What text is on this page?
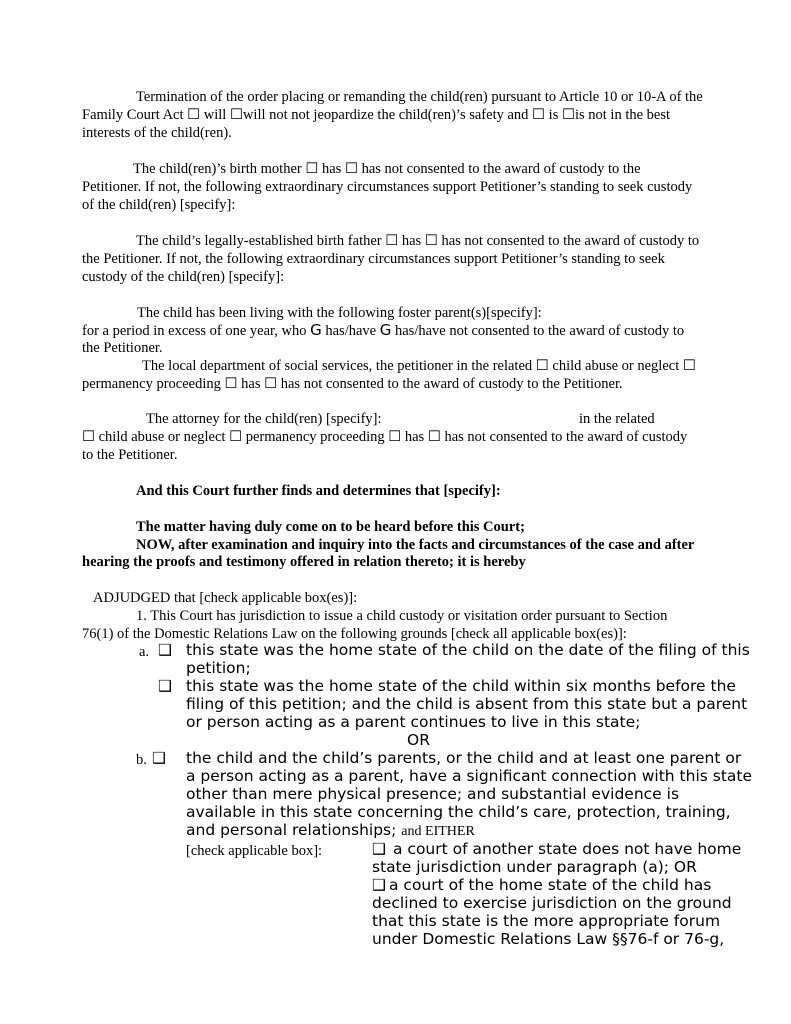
Termination of the order placing or remanding the child(ren) pursuant to Article 10 or 10-A of the
Family Court Act ☐ will ☐will not not jeopardize the child(ren)’s safety and ☐ is ☐is not in the best
interests of the child(ren).
The child(ren)’s birth mother ☐ has ☐ has not consented to the award of custody to the
Petitioner. If not, the following extraordinary circumstances support Petitioner’s standing to seek custody
of the child(ren) [specify]:
The child’s legally-established birth father ☐ has ☐ has not consented to the award of custody to
the Petitioner. If not, the following extraordinary circumstances support Petitioner’s standing to seek
custody of the child(ren) [specify]:
The child has been living with the following foster parent(s)[specify]:
for a period in excess of one year, who G has/have G has/have not consented to the award of custody to
the Petitioner.
The local department of social services, the petitioner in the related ☐ child abuse or neglect ☐
permanency proceeding ☐ has ☐ has not consented to the award of custody to the Petitioner.
The attorney for the child(ren) [specify]:	in the related
☐ child abuse or neglect ☐ permanency proceeding ☐ has ☐ has not consented to the award of custody
to the Petitioner.
And this Court further finds and determines that [specify]:
The matter having duly come on to be heard before this Court;
NOW, after examination and inquiry into the facts and circumstances of the case and after
hearing the proofs and testimony offered in relation thereto; it is hereby
ADJUDGED that [check applicable box(es)]:
1. This Court has jurisdiction to issue a child custody or visitation order pursuant to Section
76(1) of the Domestic Relations Law on the following grounds [check all applicable box(es)]:
a. ❑ this state was the home state of the child on the date of the filing of this
petition;
❑ this state was the home state of the child within six months before the
filing of this petition; and the child is absent from this state but a parent
or person acting as a parent continues to live in this state;
OR
b. ❑ the child and the child’s parents, or the child and at least one parent or
a person acting as a parent, have a significant connection with this state
other than mere physical presence; and substantial evidence is
available in this state concerning the child’s care, protection, training,
and personal relationships; and EITHER
[check applicable box]:	❑ a court of another state does not have home
state jurisdiction under paragraph (a); OR
❑ a court of the home state of the child has
declined to exercise jurisdiction on the ground
that this state is the more appropriate forum
under Domestic Relations Law §§76-f or 76-g,
